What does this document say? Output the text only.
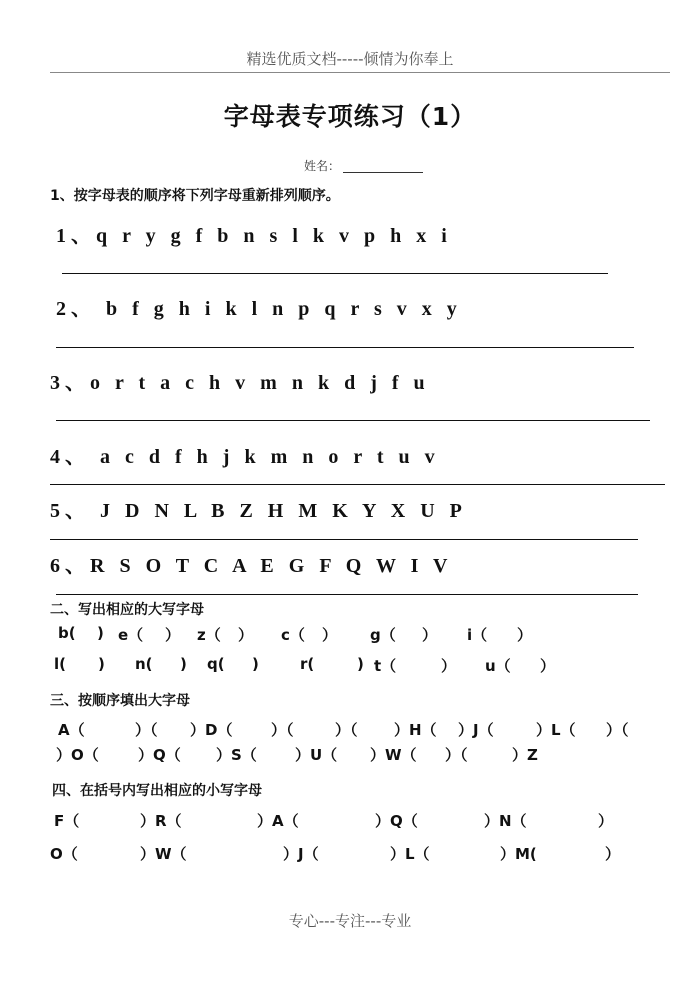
精选优质文档-----倾情为你奉上
字母表专项练习（1）
姓名：
1、按字母表的顺序将下列字母重新排列顺序。
1、q r y g f b n s l k v p h x i
2、 b f g h i k l n p q r s v x y
3、o r t a c h v m n k d j f u
4、 a c d f h j k m n o r t u v
5、 J D N L B Z H M K Y X U P
6、R S O T C A E G F Q W I V
二、写出相应的大写字母
b( ) e（ ） z（ ） c（ ） g（ ） i（ ）
l( ) n( ) q( )	r(	) t（	） u（ ）
三、按顺序填出大字母
A（	）（ ）D（	）（	）（ ）H（ ）J（	）L（ ）（
）O（	）Q（ ）S（	）U（ ）W（ ）（	）Z
四、在括号内写出相应的小写字母
F（	）R（	）A（	）Q（	）N（	）
O（	）W（	）J（	）L（	）M(	）
专心---专注---专业
